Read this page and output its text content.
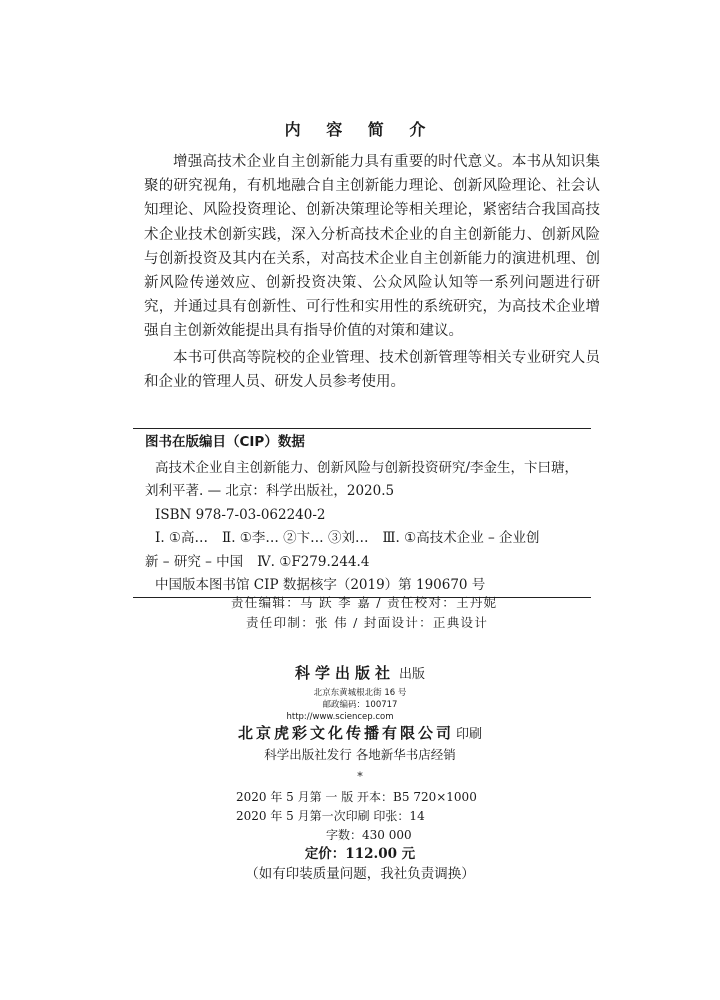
内 容 简 介

增强高技术企业自主创新能力具有重要的时代意义。本书从知识集聚的研究视角，有机地融合自主创新能力理论、创新风险理论、社会认知理论、风险投资理论、创新决策理论等相关理论，紧密结合我国高技术企业技术创新实践，深入分析高技术企业的自主创新能力、创新风险与创新投资及其内在关系，对高技术企业自主创新能力的演进机理、创新风险传递效应、创新投资决策、公众风险认知等一系列问题进行研究，并通过具有创新性、可行性和实用性的系统研究，为高技术企业增强自主创新效能提出具有指导价值的对策和建议。

本书可供高等院校的企业管理、技术创新管理等相关专业研究人员和企业的管理人员、研发人员参考使用。

图书在版编目（CIP）数据
高技术企业自主创新能力、创新风险与创新投资研究/李金生，卞曰瑭，
刘利平著. — 北京：科学出版社，2020.5
ISBN 978-7-03-062240-2
Ⅰ. ①高… Ⅱ. ①李… ②卞… ③刘… Ⅲ. ①高技术企业 – 企业创
新 – 研究 – 中国 Ⅳ. ①F279.244.4
中国版本图书馆 CIP 数据核字（2019）第 190670 号
责任编辑：马 跃 李 嘉 / 责任校对：王丹妮
责任印制：张 伟 / 封面设计：正典设计
科学出版社 出版
北京东黄城根北街 16 号
邮政编码：100717
http://www.sciencep.com
北京虎彩文化传播有限公司 印刷
科学出版社发行 各地新华书店经销
*
2020 年 5 月第 一 版 开本：B5 720×1000
2020 年 5 月第一次印刷 印张：14
字数：430 000
定价：112.00 元
（如有印装质量问题，我社负责调换）
